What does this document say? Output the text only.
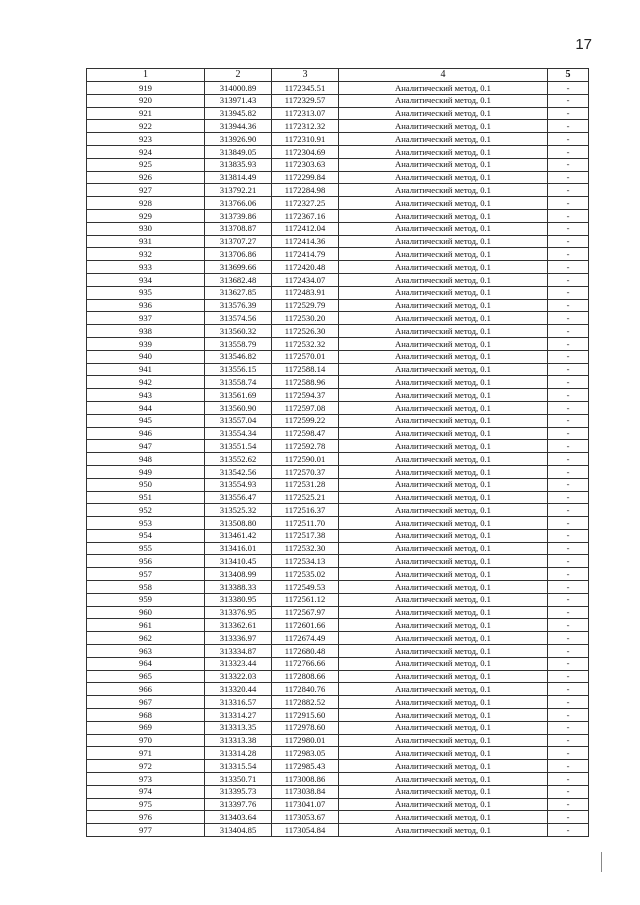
17
1	2	3	4	5
919	314000.89	1172345.51	Аналитический метод, 0.1	-
920	313971.43	1172329.57	Аналитический метод, 0.1	-
921	313945.82	1172313.07	Аналитический метод, 0.1	-
922	313944.36	1172312.32	Аналитический метод, 0.1	-
923	313926.90	1172310.91	Аналитический метод, 0.1	-
924	313849.05	1172304.69	Аналитический метод, 0.1	-
925	313835.93	1172303.63	Аналитический метод, 0.1	-
926	313814.49	1172299.84	Аналитический метод, 0.1	-
927	313792.21	1172284.98	Аналитический метод, 0.1	-
928	313766.06	1172327.25	Аналитический метод, 0.1	-
929	313739.86	1172367.16	Аналитический метод, 0.1	-
930	313708.87	1172412.04	Аналитический метод, 0.1	-
931	313707.27	1172414.36	Аналитический метод, 0.1	-
932	313706.86	1172414.79	Аналитический метод, 0.1	-
933	313699.66	1172420.48	Аналитический метод, 0.1	-
934	313682.48	1172434.07	Аналитический метод, 0.1	-
935	313627.85	1172483.91	Аналитический метод, 0.1	-
936	313576.39	1172529.79	Аналитический метод, 0.1	-
937	313574.56	1172530.20	Аналитический метод, 0.1	-
938	313560.32	1172526.30	Аналитический метод, 0.1	-
939	313558.79	1172532.32	Аналитический метод, 0.1	-
940	313546.82	1172570.01	Аналитический метод, 0.1	-
941	313556.15	1172588.14	Аналитический метод, 0.1	-
942	313558.74	1172588.96	Аналитический метод, 0.1	-
943	313561.69	1172594.37	Аналитический метод, 0.1	-
944	313560.90	1172597.08	Аналитический метод, 0.1	-
945	313557.04	1172599.22	Аналитический метод, 0.1	-
946	313554.34	1172598.47	Аналитический метод, 0.1	-
947	313551.54	1172592.78	Аналитический метод, 0.1	-
948	313552.62	1172590.01	Аналитический метод, 0.1	-
949	313542.56	1172570.37	Аналитический метод, 0.1	-
950	313554.93	1172531.28	Аналитический метод, 0.1	-
951	313556.47	1172525.21	Аналитический метод, 0.1	-
952	313525.32	1172516.37	Аналитический метод, 0.1	-
953	313508.80	1172511.70	Аналитический метод, 0.1	-
954	313461.42	1172517.38	Аналитический метод, 0.1	-
955	313416.01	1172532.30	Аналитический метод, 0.1	-
956	313410.45	1172534.13	Аналитический метод, 0.1	-
957	313408.99	1172535.02	Аналитический метод, 0.1	-
958	313388.33	1172549.53	Аналитический метод, 0.1	-
959	313380.95	1172561.12	Аналитический метод, 0.1	-
960	313376.95	1172567.97	Аналитический метод, 0.1	-
961	313362.61	1172601.66	Аналитический метод, 0.1	-
962	313336.97	1172674.49	Аналитический метод, 0.1	-
963	313334.87	1172680.48	Аналитический метод, 0.1	-
964	313323.44	1172766.66	Аналитический метод, 0.1	-
965	313322.03	1172808.66	Аналитический метод, 0.1	-
966	313320.44	1172840.76	Аналитический метод, 0.1	-
967	313316.57	1172882.52	Аналитический метод, 0.1	-
968	313314.27	1172915.60	Аналитический метод, 0.1	-
969	313313.35	1172978.60	Аналитический метод, 0.1	-
970	313313.38	1172980.01	Аналитический метод, 0.1	-
971	313314.28	1172983.05	Аналитический метод, 0.1	-
972	313315.54	1172985.43	Аналитический метод, 0.1	-
973	313350.71	1173008.86	Аналитический метод, 0.1	-
974	313395.73	1173038.84	Аналитический метод, 0.1	-
975	313397.76	1173041.07	Аналитический метод, 0.1	-
976	313403.64	1173053.67	Аналитический метод, 0.1	-
977	313404.85	1173054.84	Аналитический метод, 0.1	-
